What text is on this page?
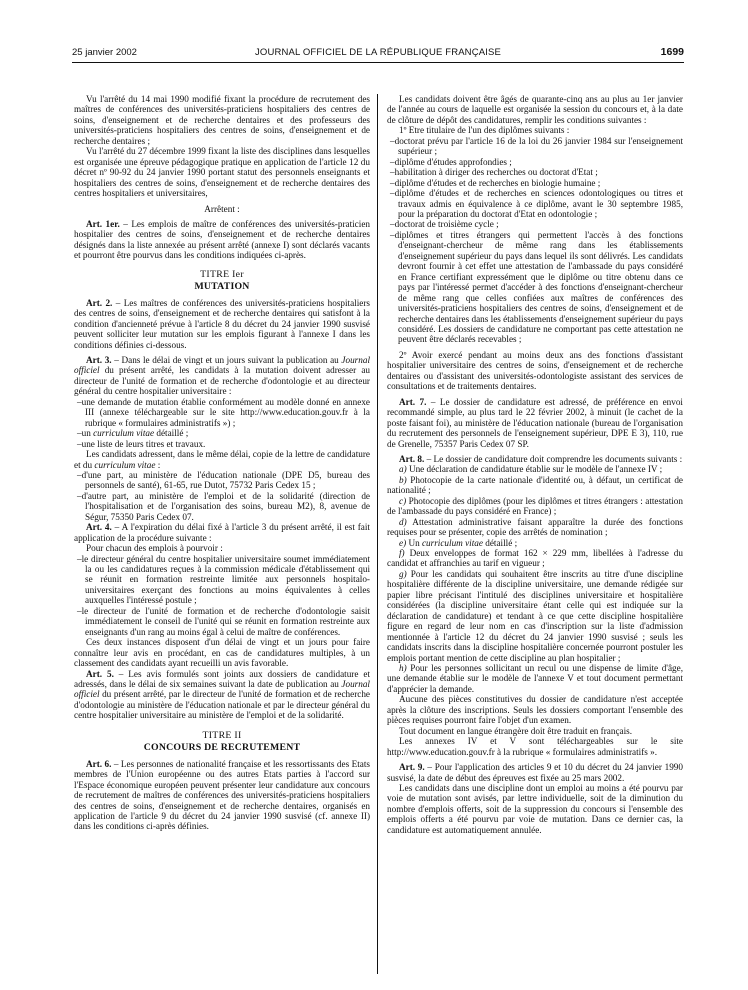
25 janvier 2002	JOURNAL OFFICIEL DE LA RÉPUBLIQUE FRANÇAISE	1699

Vu l'arrêté du 14 mai 1990 modifié fixant la procédure de recrutement des maîtres de conférences des universités-praticiens hospitaliers des centres de soins, d'enseignement et de recherche dentaires et des professeurs des universités-praticiens hospitaliers des centres de soins, d'enseignement et de recherche dentaires ;

Vu l'arrêté du 27 décembre 1999 fixant la liste des disciplines dans lesquelles est organisée une épreuve pédagogique pratique en application de l'article 12 du décret nº 90-92 du 24 janvier 1990 portant statut des personnels enseignants et hospitaliers des centres de soins, d'enseignement et de recherche dentaires des centres hospitaliers et universitaires,

Arrêtent :

Art. 1er. – Les emplois de maître de conférences des universités-praticien hospitalier des centres de soins, d'enseignement et de recherche dentaires désignés dans la liste annexée au présent arrêté (annexe I) sont déclarés vacants et pourront être pourvus dans les conditions indiquées ci-après.

TITRE Ier

MUTATION

Art. 2. – Les maîtres de conférences des universités-praticiens hospitaliers des centres de soins, d'enseignement et de recherche dentaires qui satisfont à la condition d'ancienneté prévue à l'article 8 du décret du 24 janvier 1990 susvisé peuvent solliciter leur mutation sur les emplois figurant à l'annexe I dans les conditions définies ci-dessous.

Art. 3. – Dans le délai de vingt et un jours suivant la publication au Journal officiel du présent arrêté, les candidats à la mutation doivent adresser au directeur de l'unité de formation et de recherche d'odontologie et au directeur général du centre hospitalier universitaire :

–une demande de mutation établie conformément au modèle donné en annexe III (annexe téléchargeable sur le site http://www.education.gouv.fr à la rubrique « formulaires administratifs ») ;

–un curriculum vitae détaillé ;

–une liste de leurs titres et travaux.

Les candidats adressent, dans le même délai, copie de la lettre de candidature et du curriculum vitae :

–d'une part, au ministère de l'éducation nationale (DPE D5, bureau des personnels de santé), 61-65, rue Dutot, 75732 Paris Cedex 15 ;

–d'autre part, au ministère de l'emploi et de la solidarité (direction de l'hospitalisation et de l'organisation des soins, bureau M2), 8, avenue de Ségur, 75350 Paris Cedex 07.

Art. 4. – A l'expiration du délai fixé à l'article 3 du présent arrêté, il est fait application de la procédure suivante :

Pour chacun des emplois à pourvoir :

–le directeur général du centre hospitalier universitaire soumet immédiatement la ou les candidatures reçues à la commission médicale d'établissement qui se réunit en formation restreinte limitée aux personnels hospitalo-universitaires exerçant des fonctions au moins équivalentes à celles auxquelles l'intéressé postule ;

–le directeur de l'unité de formation et de recherche d'odontologie saisit immédiatement le conseil de l'unité qui se réunit en formation restreinte aux enseignants d'un rang au moins égal à celui de maître de conférences.

Ces deux instances disposent d'un délai de vingt et un jours pour faire connaître leur avis en procédant, en cas de candidatures multiples, à un classement des candidats ayant recueilli un avis favorable.

Art. 5. – Les avis formulés sont joints aux dossiers de candidature et adressés, dans le délai de six semaines suivant la date de publication au Journal officiel du présent arrêté, par le directeur de l'unité de formation et de recherche d'odontologie au ministère de l'éducation nationale et par le directeur général du centre hospitalier universitaire au ministère de l'emploi et de la solidarité.

TITRE II

CONCOURS DE RECRUTEMENT

Art. 6. – Les personnes de nationalité française et les ressortissants des Etats membres de l'Union européenne ou des autres Etats parties à l'accord sur l'Espace économique européen peuvent présenter leur candidature aux concours de recrutement de maîtres de conférences des universités-praticiens hospitaliers des centres de soins, d'enseignement et de recherche dentaires, organisés en application de l'article 9 du décret du 24 janvier 1990 susvisé (cf. annexe II) dans les conditions ci-après définies.

Les candidats doivent être âgés de quarante-cinq ans au plus au 1er janvier de l'année au cours de laquelle est organisée la session du concours et, à la date de clôture de dépôt des candidatures, remplir les conditions suivantes :

1º Etre titulaire de l'un des diplômes suivants :

–doctorat prévu par l'article 16 de la loi du 26 janvier 1984 sur l'enseignement supérieur ;

–diplôme d'études approfondies ;

–habilitation à diriger des recherches ou doctorat d'Etat ;

–diplôme d'études et de recherches en biologie humaine ;

–diplôme d'études et de recherches en sciences odontologiques ou titres et travaux admis en équivalence à ce diplôme, avant le 30 septembre 1985, pour la préparation du doctorat d'Etat en odontologie ;

–doctorat de troisième cycle ;

–diplômes et titres étrangers qui permettent l'accès à des fonctions d'enseignant-chercheur de même rang dans les établissements d'enseignement supérieur du pays dans lequel ils sont délivrés. Les candidats devront fournir à cet effet une attestation de l'ambassade du pays considéré en France certifiant expressément que le diplôme ou titre obtenu dans ce pays par l'intéressé permet d'accéder à des fonctions d'enseignant-chercheur de même rang que celles confiées aux maîtres de conférences des universités-praticiens hospitaliers des centres de soins, d'enseignement et de recherche dentaires dans les établissements d'enseignement supérieur du pays considéré. Les dossiers de candidature ne comportant pas cette attestation ne peuvent être déclarés recevables ;

2º Avoir exercé pendant au moins deux ans des fonctions d'assistant hospitalier universitaire des centres de soins, d'enseignement et de recherche dentaires ou d'assistant des universités-odontologiste assistant des services de consultations et de traitements dentaires.

Art. 7. – Le dossier de candidature est adressé, de préférence en envoi recommandé simple, au plus tard le 22 février 2002, à minuit (le cachet de la poste faisant foi), au ministère de l'éducation nationale (bureau de l'organisation du recrutement des personnels de l'enseignement supérieur, DPE E 3), 110, rue de Grenelle, 75357 Paris Cedex 07 SP.

Art. 8. – Le dossier de candidature doit comprendre les documents suivants :

a) Une déclaration de candidature établie sur le modèle de l'annexe IV ;

b) Photocopie de la carte nationale d'identité ou, à défaut, un certificat de nationalité ;

c) Photocopie des diplômes (pour les diplômes et titres étrangers : attestation de l'ambassade du pays considéré en France) ;

d) Attestation administrative faisant apparaître la durée des fonctions requises pour se présenter, copie des arrêtés de nomination ;

e) Un curriculum vitae détaillé ;

f) Deux enveloppes de format 162 × 229 mm, libellées à l'adresse du candidat et affranchies au tarif en vigueur ;

g) Pour les candidats qui souhaitent être inscrits au titre d'une discipline hospitalière différente de la discipline universitaire, une demande rédigée sur papier libre précisant l'intitulé des disciplines universitaire et hospitalière considérées (la discipline universitaire étant celle qui est indiquée sur la déclaration de candidature) et tendant à ce que cette discipline hospitalière figure en regard de leur nom en cas d'inscription sur la liste d'admission mentionnée à l'article 12 du décret du 24 janvier 1990 susvisé ; seuls les candidats inscrits dans la discipline hospitalière concernée pourront postuler les emplois portant mention de cette discipline au plan hospitalier ;

h) Pour les personnes sollicitant un recul ou une dispense de limite d'âge, une demande établie sur le modèle de l'annexe V et tout document permettant d'apprécier la demande.

Aucune des pièces constitutives du dossier de candidature n'est acceptée après la clôture des inscriptions. Seuls les dossiers comportant l'ensemble des pièces requises pourront faire l'objet d'un examen.

Tout document en langue étrangère doit être traduit en français.

Les annexes IV et V sont téléchargeables sur le site http://www.education.gouv.fr à la rubrique « formulaires administratifs ».

Art. 9. – Pour l'application des articles 9 et 10 du décret du 24 janvier 1990 susvisé, la date de début des épreuves est fixée au 25 mars 2002.

Les candidats dans une discipline dont un emploi au moins a été pourvu par voie de mutation sont avisés, par lettre individuelle, soit de la diminution du nombre d'emplois offerts, soit de la suppression du concours si l'ensemble des emplois offerts a été pourvu par voie de mutation. Dans ce dernier cas, la candidature est automatiquement annulée.
